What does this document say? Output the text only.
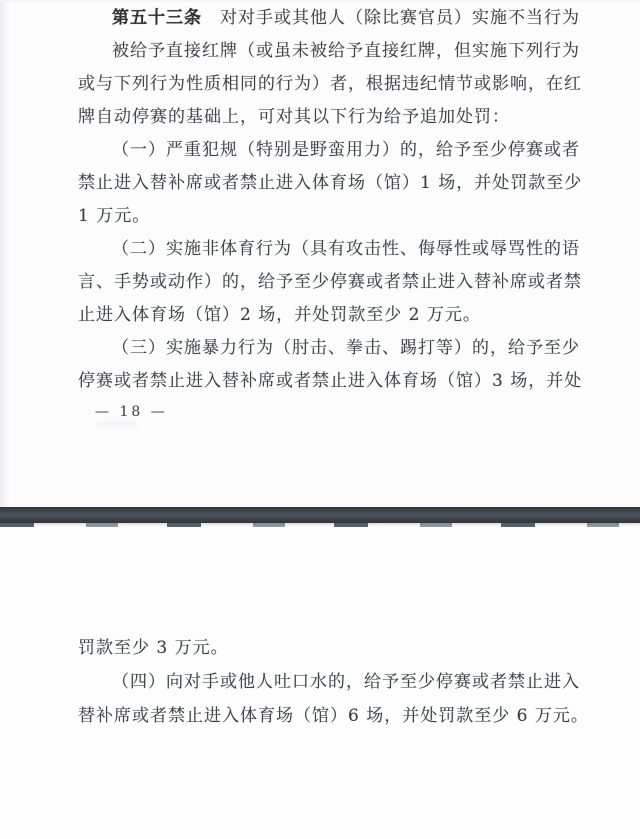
第五十三条　对对手或其他人（除比赛官员）实施不当行为
被给予直接红牌（或虽未被给予直接红牌，但实施下列行为
或与下列行为性质相同的行为）者，根据违纪情节或影响，在红
牌自动停赛的基础上，可对其以下行为给予追加处罚：
（一）严重犯规（特别是野蛮用力）的，给予至少停赛或者
禁止进入替补席或者禁止进入体育场（馆）1 场，并处罚款至少
1 万元。
（二）实施非体育行为（具有攻击性、侮辱性或辱骂性的语
言、手势或动作）的，给予至少停赛或者禁止进入替补席或者禁
止进入体育场（馆）2 场，并处罚款至少 2 万元。
（三）实施暴力行为（肘击、拳击、踢打等）的，给予至少
停赛或者禁止进入替补席或者禁止进入体育场（馆）3 场，并处
— 18 —
罚款至少 3 万元。
（四）向对手或他人吐口水的，给予至少停赛或者禁止进入
替补席或者禁止进入体育场（馆）6 场，并处罚款至少 6 万元。
